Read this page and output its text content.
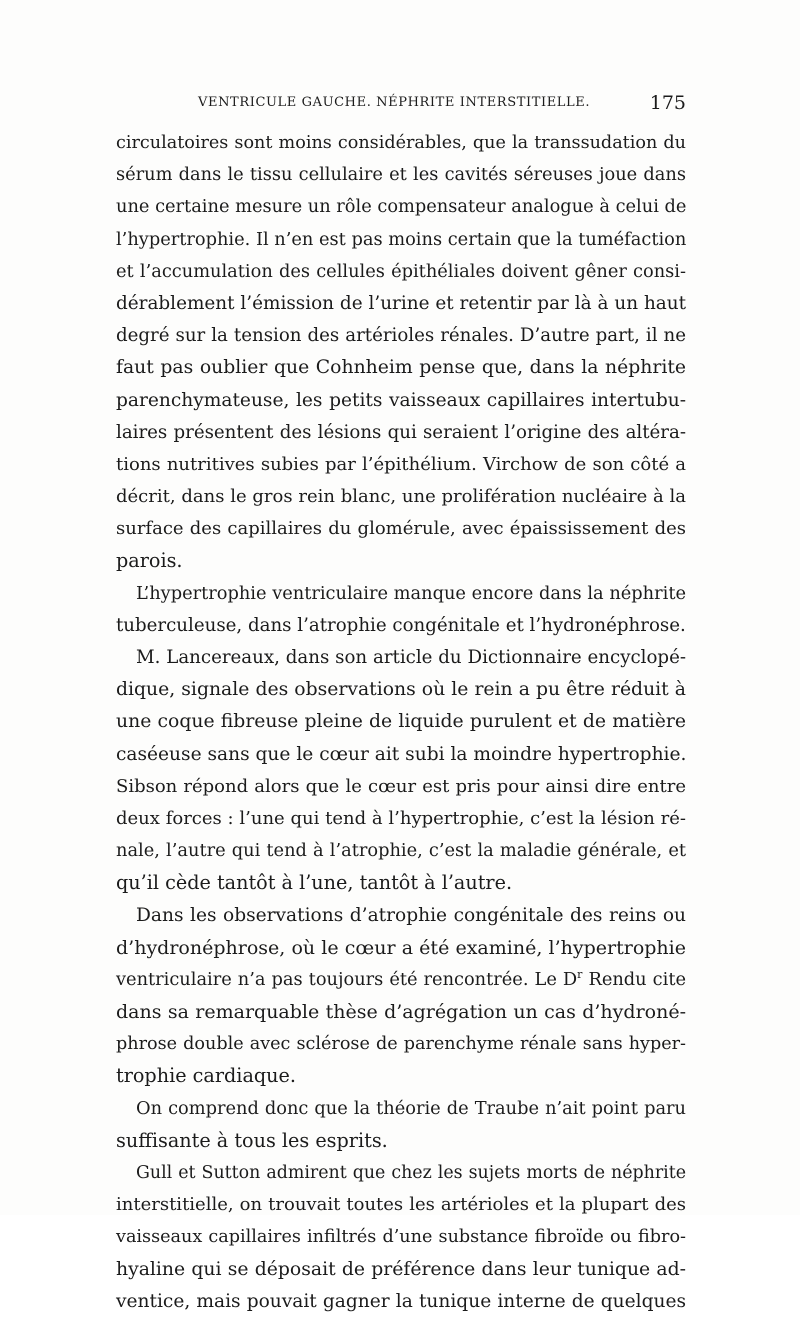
VENTRICULE GAUCHE. NÉPHRITE INTERSTITIELLE.	175
circulatoires sont moins considérables, que la transsudation du
sérum dans le tissu cellulaire et les cavités séreuses joue dans
une certaine mesure un rôle compensateur analogue à celui de
l’hypertrophie. Il n’en est pas moins certain que la tuméfaction
et l’accumulation des cellules épithéliales doivent gêner consi-
dérablement l’émission de l’urine et retentir par là à un haut
degré sur la tension des artérioles rénales. D’autre part, il ne
faut pas oublier que Cohnheim pense que, dans la néphrite
parenchymateuse, les petits vaisseaux capillaires intertubu-
laires présentent des lésions qui seraient l’origine des altéra-
tions nutritives subies par l’épithélium. Virchow de son côté a
décrit, dans le gros rein blanc, une prolifération nucléaire à la
surface des capillaires du glomérule, avec épaississement des
parois.
L’hypertrophie ventriculaire manque encore dans la néphrite
tuberculeuse, dans l’atrophie congénitale et l’hydronéphrose.
M. Lancereaux, dans son article du Dictionnaire encyclopé-
dique, signale des observations où le rein a pu être réduit à
une coque fibreuse pleine de liquide purulent et de matière
caséeuse sans que le cœur ait subi la moindre hypertrophie.
Sibson répond alors que le cœur est pris pour ainsi dire entre
deux forces : l’une qui tend à l’hypertrophie, c’est la lésion ré-
nale, l’autre qui tend à l’atrophie, c’est la maladie générale, et
qu’il cède tantôt à l’une, tantôt à l’autre.
Dans les observations d’atrophie congénitale des reins ou
d’hydronéphrose, où le cœur a été examiné, l’hypertrophie
ventriculaire n’a pas toujours été rencontrée. Le $D^r$ Rendu cite
dans sa remarquable thèse d’agrégation un cas d’hydroné-
phrose double avec sclérose de parenchyme rénale sans hyper-
trophie cardiaque.
On comprend donc que la théorie de Traube n’ait point paru
suffisante à tous les esprits.
Gull et Sutton admirent que chez les sujets morts de néphrite
interstitielle, on trouvait toutes les artérioles et la plupart des
vaisseaux capillaires infiltrés d’une substance fibroïde ou fibro-
hyaline qui se déposait de préférence dans leur tunique ad-
ventice, mais pouvait gagner la tunique interne de quelques
